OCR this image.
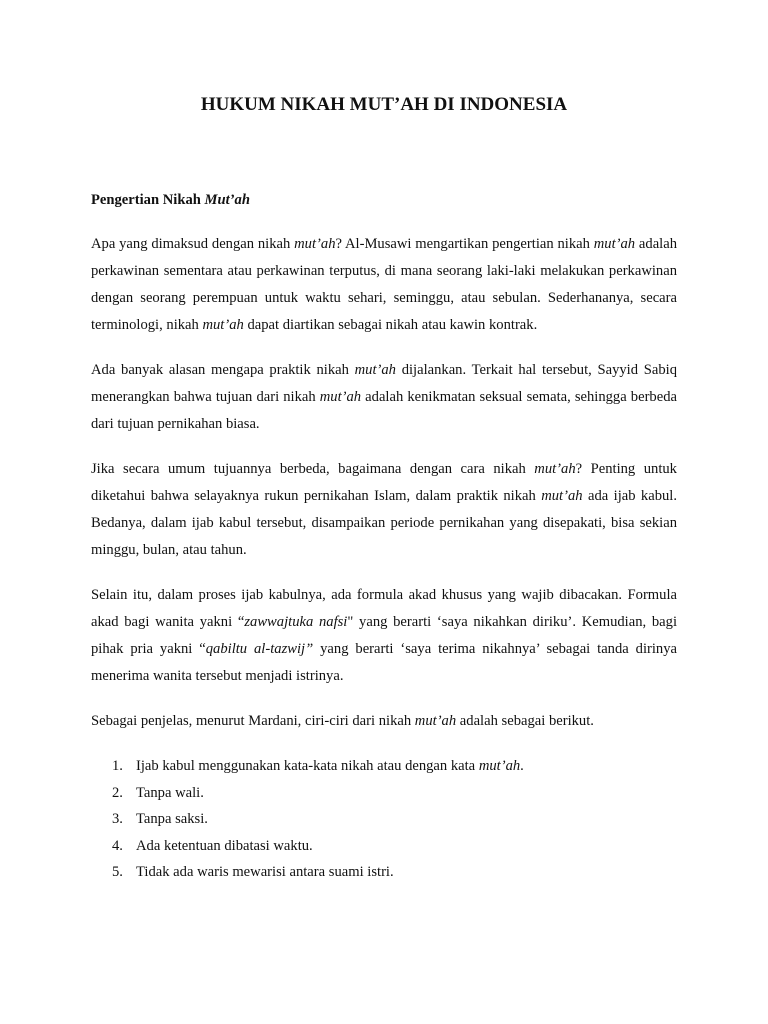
HUKUM NIKAH MUT’AH DI INDONESIA

Pengertian Nikah Mut’ah

Apa yang dimaksud dengan nikah mut’ah? Al-Musawi mengartikan pengertian nikah mut’ah adalah perkawinan sementara atau perkawinan terputus, di mana seorang laki-laki melakukan perkawinan dengan seorang perempuan untuk waktu sehari, seminggu, atau sebulan. Sederhananya, secara terminologi, nikah mut’ah dapat diartikan sebagai nikah atau kawin kontrak.

Ada banyak alasan mengapa praktik nikah mut’ah dijalankan. Terkait hal tersebut, Sayyid Sabiq menerangkan bahwa tujuan dari nikah mut’ah adalah kenikmatan seksual semata, sehingga berbeda dari tujuan pernikahan biasa.

Jika secara umum tujuannya berbeda, bagaimana dengan cara nikah mut’ah? Penting untuk diketahui bahwa selayaknya rukun pernikahan Islam, dalam praktik nikah mut’ah ada ijab kabul. Bedanya, dalam ijab kabul tersebut, disampaikan periode pernikahan yang disepakati, bisa sekian minggu, bulan, atau tahun.

Selain itu, dalam proses ijab kabulnya, ada formula akad khusus yang wajib dibacakan. Formula akad bagi wanita yakni “zawwajtuka nafsi" yang berarti ‘saya nikahkan diriku’. Kemudian, bagi pihak pria yakni “qabiltu al-tazwij” yang berarti ‘saya terima nikahnya’ sebagai tanda dirinya menerima wanita tersebut menjadi istrinya.

Sebagai penjelas, menurut Mardani, ciri-ciri dari nikah mut’ah adalah sebagai berikut.

1. Ijab kabul menggunakan kata-kata nikah atau dengan kata mut’ah.
2. Tanpa wali.
3. Tanpa saksi.
4. Ada ketentuan dibatasi waktu.
5. Tidak ada waris mewarisi antara suami istri.
